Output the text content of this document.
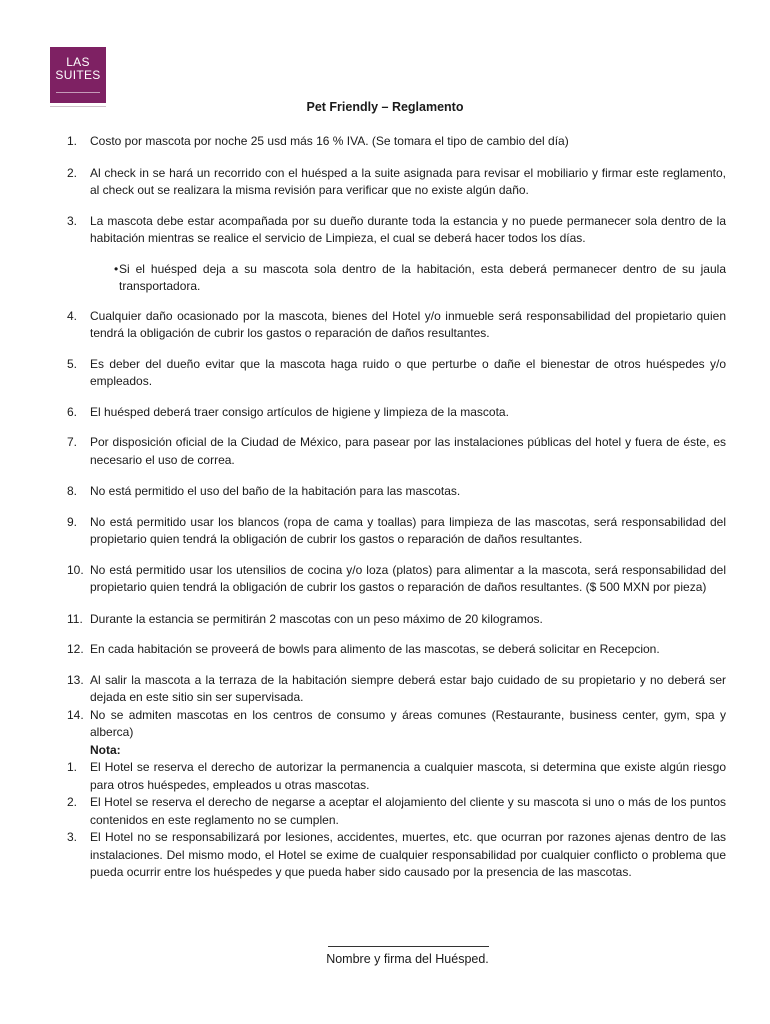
LAS
SUITES
Pet Friendly – Reglamento

1. Costo por mascota por noche 25 usd más 16 % IVA. (Se tomara el tipo de cambio del día)

2. Al check in se hará un recorrido con el huésped a la suite asignada para revisar el mobiliario y firmar este reglamento, al check out se realizara la misma revisión para verificar que no existe algún daño.

3. La mascota debe estar acompañada por su dueño durante toda la estancia y no puede permanecer sola dentro de la habitación mientras se realice el servicio de Limpieza, el cual se deberá hacer todos los días.

• Si el huésped deja a su mascota sola dentro de la habitación, esta deberá permanecer dentro de su jaula transportadora.

4. Cualquier daño ocasionado por la mascota, bienes del Hotel y/o inmueble será responsabilidad del propietario quien tendrá la obligación de cubrir los gastos o reparación de daños resultantes.

5. Es deber del dueño evitar que la mascota haga ruido o que perturbe o dañe el bienestar de otros huéspedes y/o empleados.

6. El huésped deberá traer consigo artículos de higiene y limpieza de la mascota.

7. Por disposición oficial de la Ciudad de México, para pasear por las instalaciones públicas del hotel y fuera de éste, es necesario el uso de correa.

8. No está permitido el uso del baño de la habitación para las mascotas.

9. No está permitido usar los blancos (ropa de cama y toallas) para limpieza de las mascotas, será responsabilidad del propietario quien tendrá la obligación de cubrir los gastos o reparación de daños resultantes.

10. No está permitido usar los utensilios de cocina y/o loza (platos) para alimentar a la mascota, será responsabilidad del propietario quien tendrá la obligación de cubrir los gastos o reparación de daños resultantes. ($ 500 MXN por pieza)

11. Durante la estancia se permitirán 2 mascotas con un peso máximo de 20 kilogramos.

12. En cada habitación se proveerá de bowls para alimento de las mascotas, se deberá solicitar en Recepcion.

13. Al salir la mascota a la terraza de la habitación siempre deberá estar bajo cuidado de su propietario y no deberá ser dejada en este sitio sin ser supervisada.

14. No se admiten mascotas en los centros de consumo y áreas comunes (Restaurante, business center, gym, spa y alberca)

Nota:

1. El Hotel se reserva el derecho de autorizar la permanencia a cualquier mascota, si determina que existe algún riesgo para otros huéspedes, empleados u otras mascotas.

2. El Hotel se reserva el derecho de negarse a aceptar el alojamiento del cliente y su mascota si uno o más de los puntos contenidos en este reglamento no se cumplen.

3. El Hotel no se responsabilizará por lesiones, accidentes, muertes, etc. que ocurran por razones ajenas dentro de las instalaciones. Del mismo modo, el Hotel se exime de cualquier responsabilidad por cualquier conflicto o problema que pueda ocurrir entre los huéspedes y que pueda haber sido causado por la presencia de las mascotas.

Nombre y firma del Huésped.
